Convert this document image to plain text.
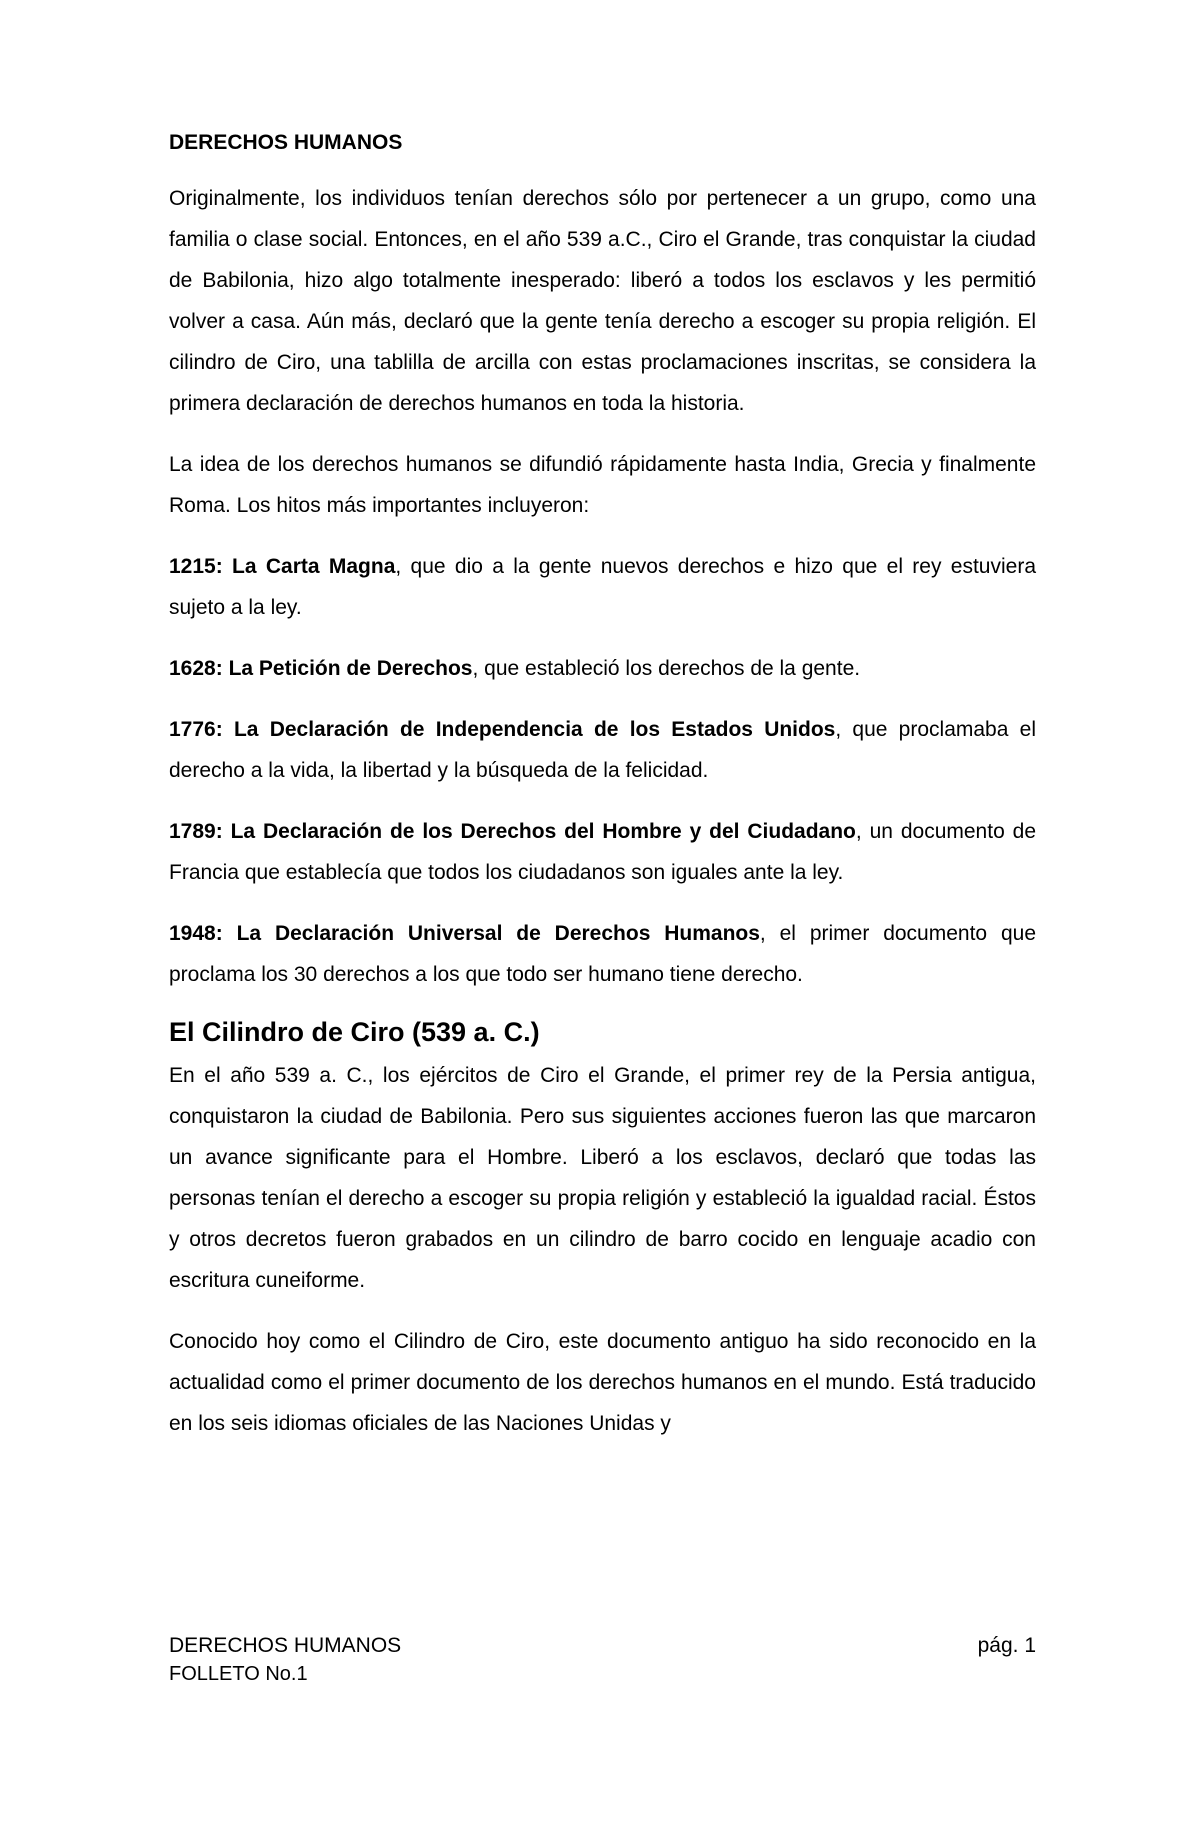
DERECHOS HUMANOS

Originalmente, los individuos tenían derechos sólo por pertenecer a un grupo, como una familia o clase social. Entonces, en el año 539 a.C., Ciro el Grande, tras conquistar la ciudad de Babilonia, hizo algo totalmente inesperado: liberó a todos los esclavos y les permitió volver a casa. Aún más, declaró que la gente tenía derecho a escoger su propia religión. El cilindro de Ciro, una tablilla de arcilla con estas proclamaciones inscritas, se considera la primera declaración de derechos humanos en toda la historia.

La idea de los derechos humanos se difundió rápidamente hasta India, Grecia y finalmente Roma. Los hitos más importantes incluyeron:

1215: La Carta Magna, que dio a la gente nuevos derechos e hizo que el rey estuviera sujeto a la ley.

1628: La Petición de Derechos, que estableció los derechos de la gente.

1776: La Declaración de Independencia de los Estados Unidos, que proclamaba el derecho a la vida, la libertad y la búsqueda de la felicidad.

1789: La Declaración de los Derechos del Hombre y del Ciudadano, un documento de Francia que establecía que todos los ciudadanos son iguales ante la ley.

1948: La Declaración Universal de Derechos Humanos, el primer documento que proclama los 30 derechos a los que todo ser humano tiene derecho.

El Cilindro de Ciro (539 a. C.)

En el año 539 a. C., los ejércitos de Ciro el Grande, el primer rey de la Persia antigua, conquistaron la ciudad de Babilonia. Pero sus siguientes acciones fueron las que marcaron un avance significante para el Hombre. Liberó a los esclavos, declaró que todas las personas tenían el derecho a escoger su propia religión y estableció la igualdad racial. Éstos y otros decretos fueron grabados en un cilindro de barro cocido en lenguaje acadio con escritura cuneiforme.

Conocido hoy como el Cilindro de Ciro, este documento antiguo ha sido reconocido en la actualidad como el primer documento de los derechos humanos en el mundo. Está traducido en los seis idiomas oficiales de las Naciones Unidas y

DERECHOS HUMANOS	pág. 1
FOLLETO No.1
